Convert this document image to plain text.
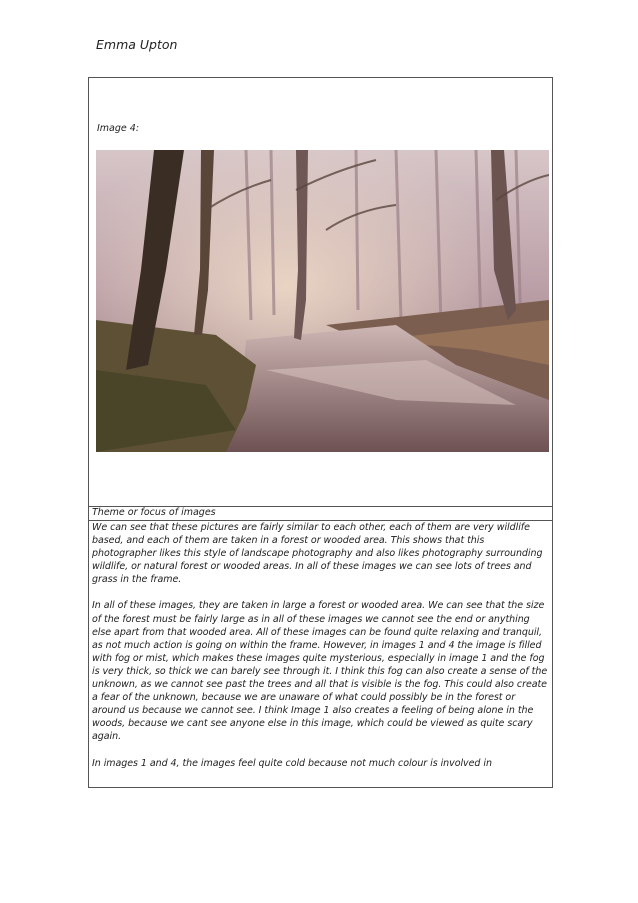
Emma Upton
Image 4:
Theme or focus of images

We can see that these pictures are fairly similar to each other, each of them are very wildlife based, and each of them are taken in a forest or wooded area. This shows that this photographer likes this style of landscape photography and also likes photography surrounding wildlife, or natural forest or wooded areas. In all of these images we can see lots of trees and grass in the frame.

In all of these images, they are taken in large a forest or wooded area. We can see that the size of the forest must be fairly large as in all of these images we cannot see the end or anything else apart from that wooded area. All of these images can be found quite relaxing and tranquil, as not much action is going on within the frame. However, in images 1 and 4 the image is filled with fog or mist, which makes these images quite mysterious, especially in image 1 and the fog is very thick, so thick we can barely see through it. I think this fog can also create a sense of the unknown, as we cannot see past the trees and all that is visible is the fog. This could also create a fear of the unknown, because we are unaware of what could possibly be in the forest or around us because we cannot see. I think Image 1 also creates a feeling of being alone in the woods, because we cant see anyone else in this image, which could be viewed as quite scary again.

In images 1 and 4, the images feel quite cold because not much colour is involved in
